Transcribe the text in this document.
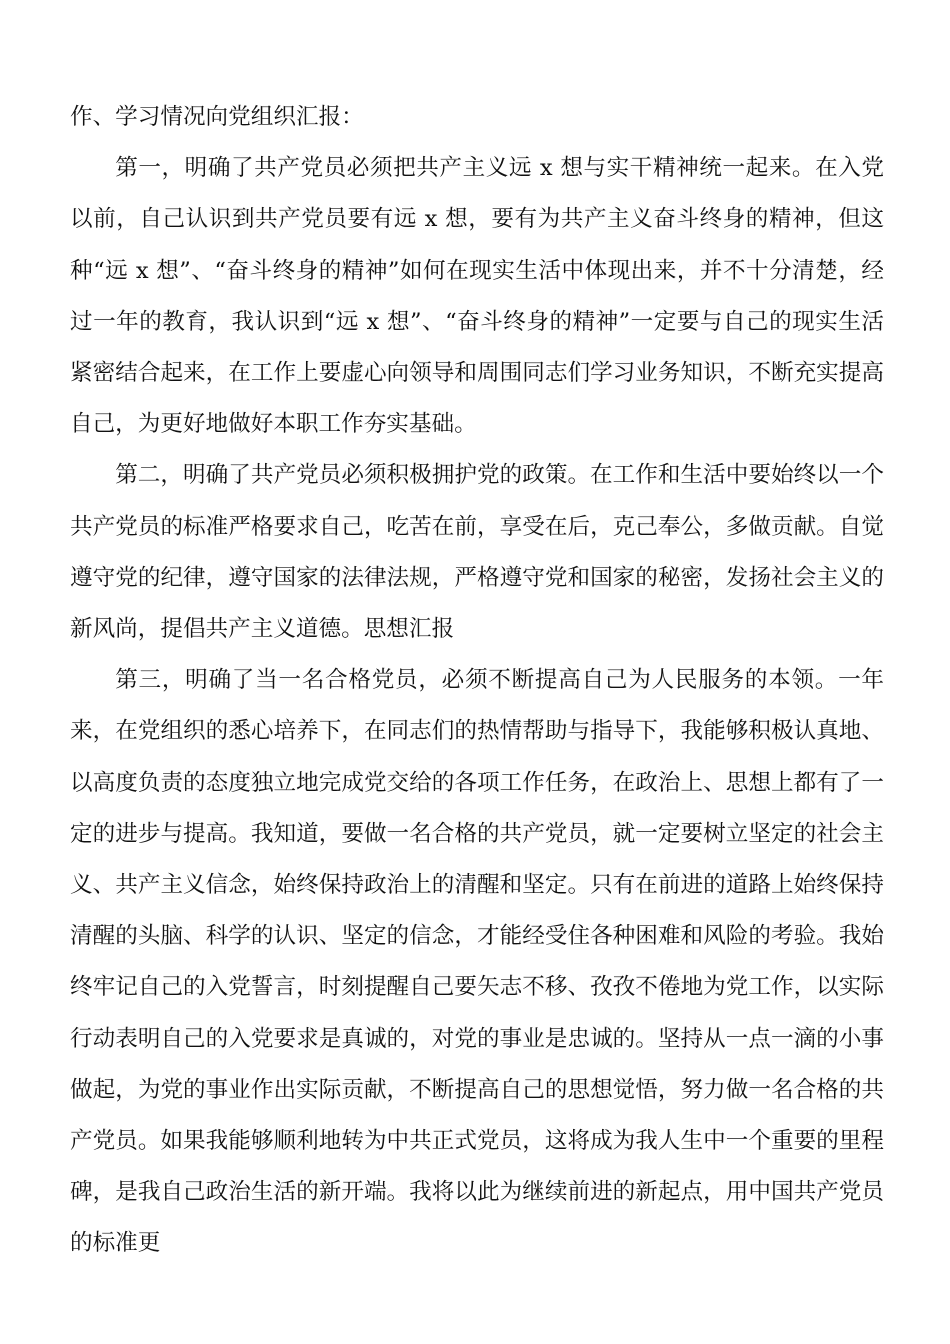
作、学习情况向党组织汇报：

第一，明确了共产党员必须把共产主义远 x 想与实干精神统一起来。在入党以前，自己认识到共产党员要有远 x 想，要有为共产主义奋斗终身的精神，但这种“远 x 想”、“奋斗终身的精神”如何在现实生活中体现出来，并不十分清楚，经过一年的教育，我认识到“远 x 想”、“奋斗终身的精神”一定要与自己的现实生活紧密结合起来，在工作上要虚心向领导和周围同志们学习业务知识，不断充实提高自己，为更好地做好本职工作夯实基础。

第二，明确了共产党员必须积极拥护党的政策。在工作和生活中要始终以一个共产党员的标准严格要求自己，吃苦在前，享受在后，克己奉公，多做贡献。自觉遵守党的纪律，遵守国家的法律法规，严格遵守党和国家的秘密，发扬社会主义的新风尚，提倡共产主义道德。思想汇报

第三，明确了当一名合格党员，必须不断提高自己为人民服务的本领。一年来，在党组织的悉心培养下，在同志们的热情帮助与指导下，我能够积极认真地、以高度负责的态度独立地完成党交给的各项工作任务，在政治上、思想上都有了一定的进步与提高。我知道，要做一名合格的共产党员，就一定要树立坚定的社会主义、共产主义信念，始终保持政治上的清醒和坚定。只有在前进的道路上始终保持清醒的头脑、科学的认识、坚定的信念，才能经受住各种困难和风险的考验。我始终牢记自己的入党誓言，时刻提醒自己要矢志不移、孜孜不倦地为党工作，以实际行动表明自己的入党要求是真诚的，对党的事业是忠诚的。坚持从一点一滴的小事做起，为党的事业作出实际贡献，不断提高自己的思想觉悟，努力做一名合格的共产党员。如果我能够顺利地转为中共正式党员，这将成为我人生中一个重要的里程碑，是我自己政治生活的新开端。我将以此为继续前进的新起点，用中国共产党员的标准更
